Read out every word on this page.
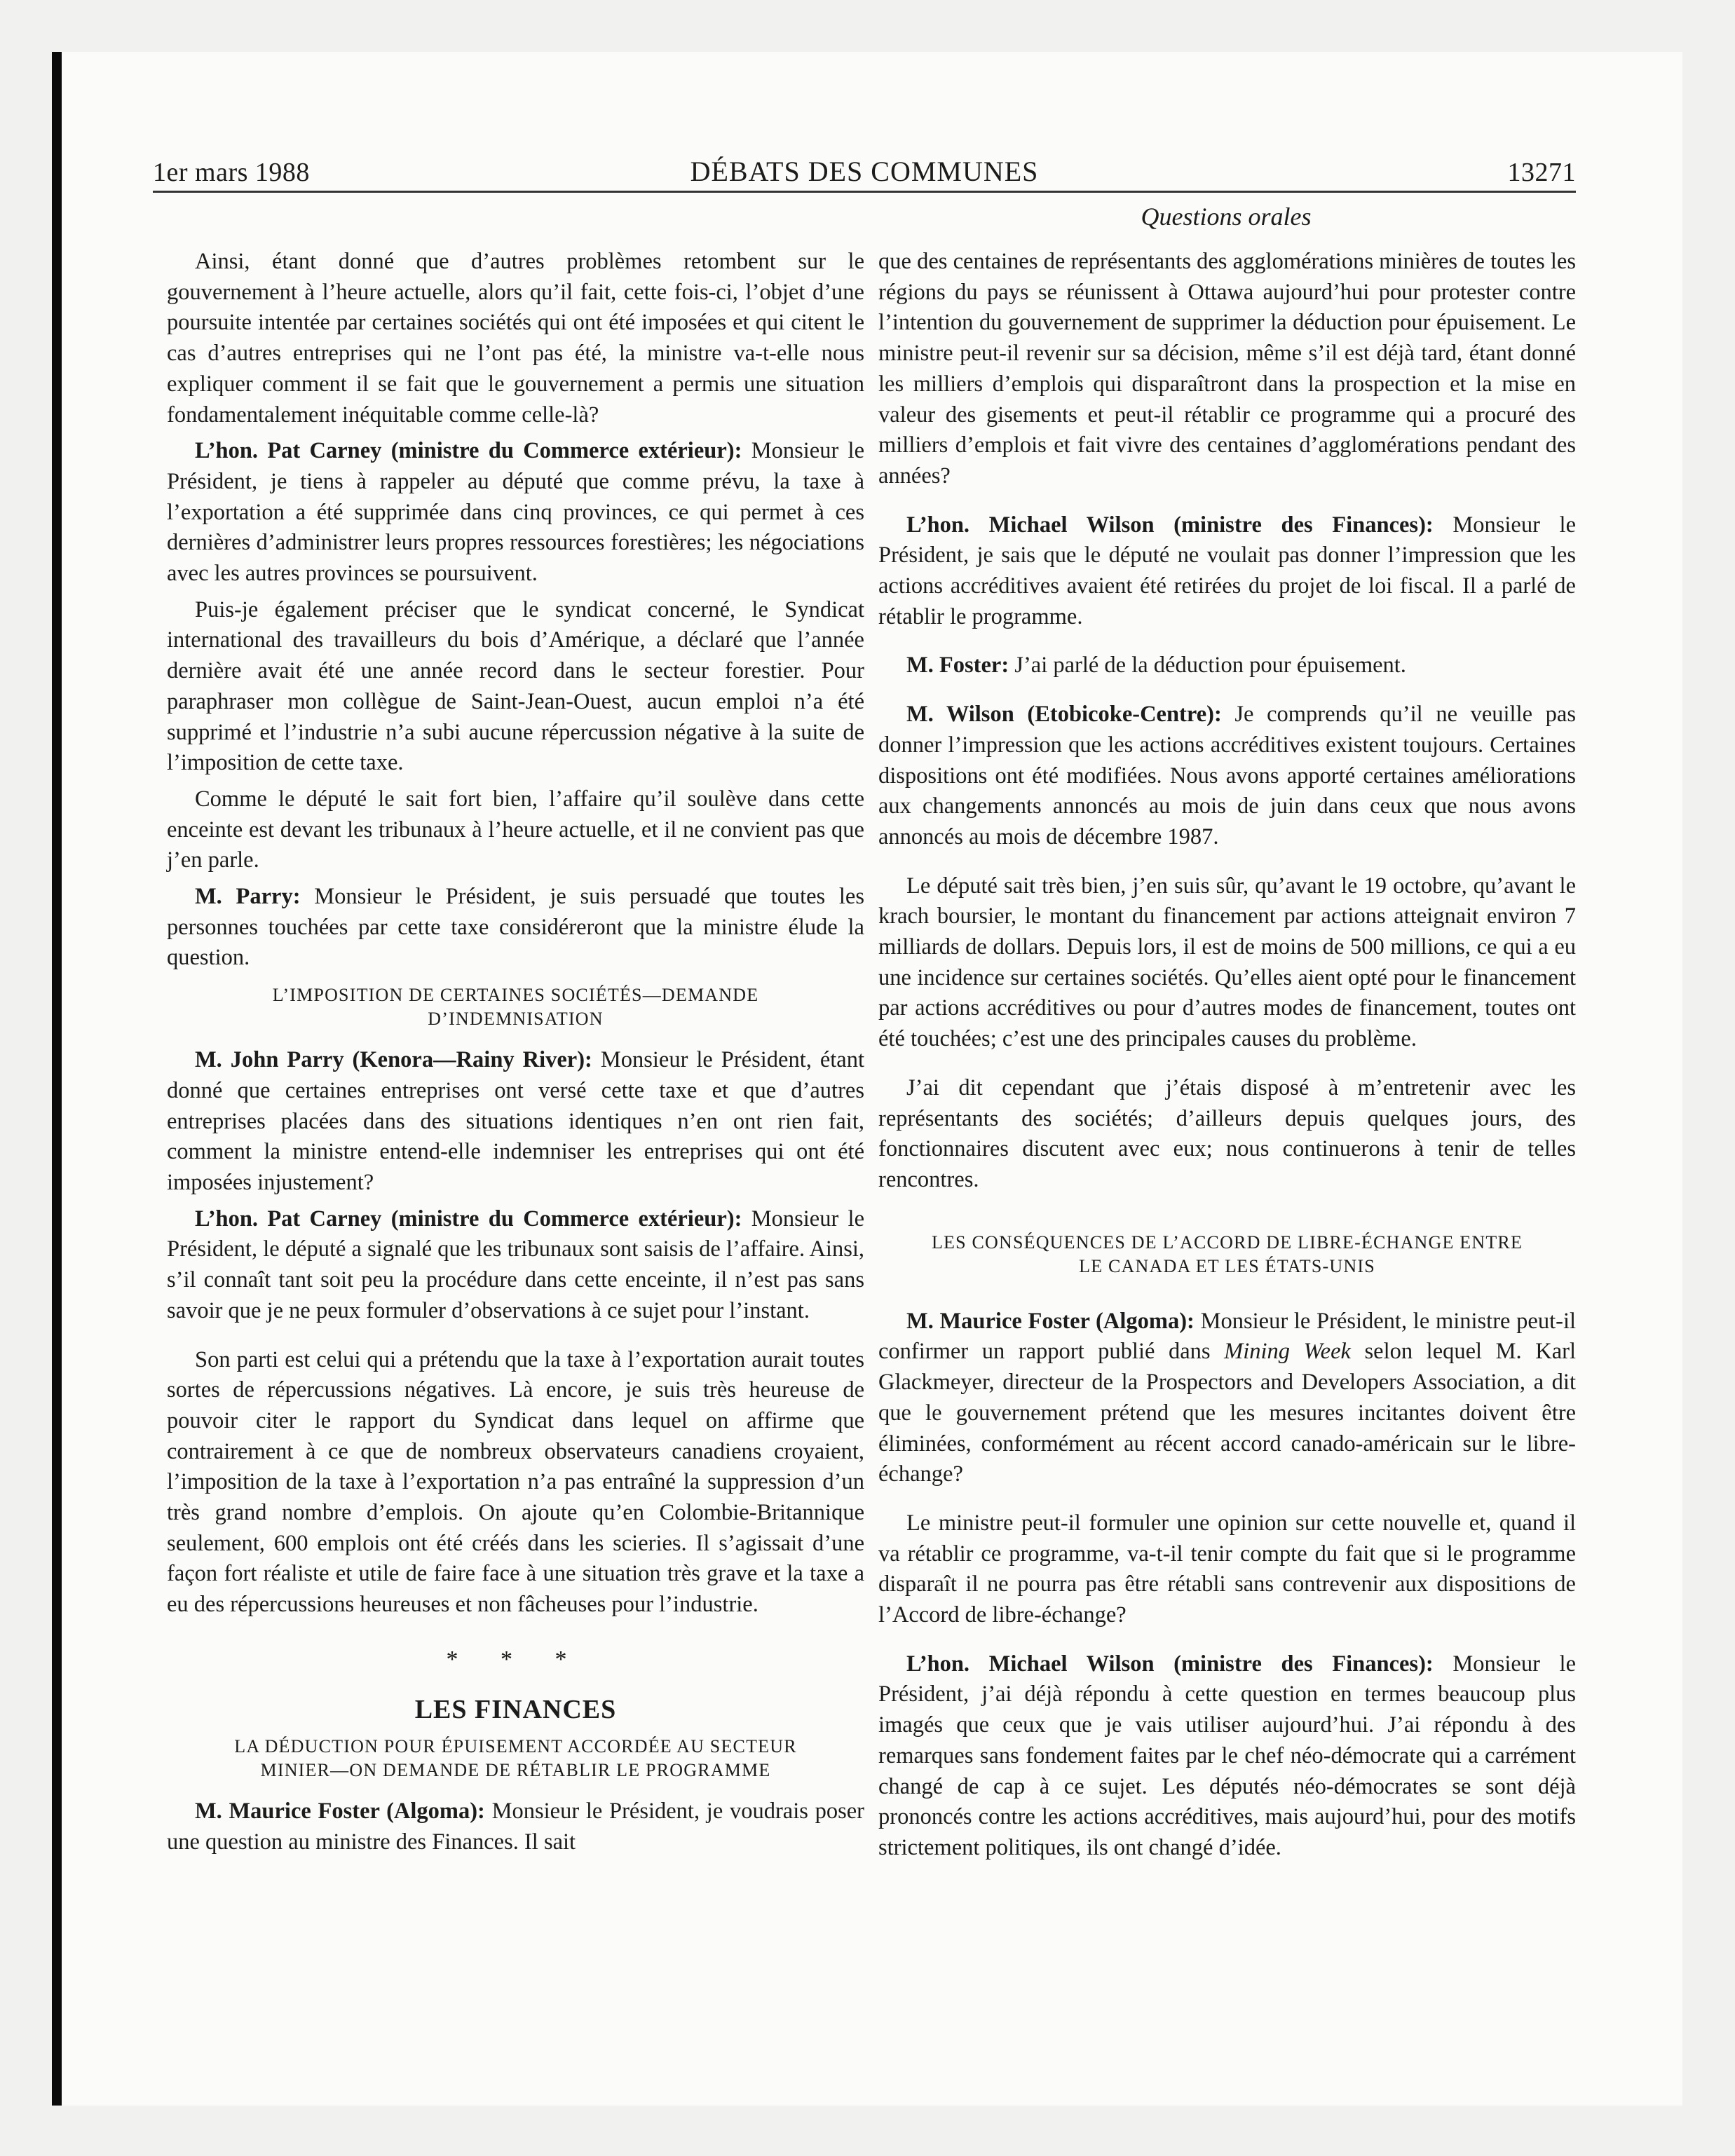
1er mars 1988	DÉBATS DES COMMUNES	13271
Questions orales

Ainsi, étant donné que d’autres problèmes retombent sur le gouvernement à l’heure actuelle, alors qu’il fait, cette fois-ci, l’objet d’une poursuite intentée par certaines sociétés qui ont été imposées et qui citent le cas d’autres entreprises qui ne l’ont pas été, la ministre va-t-elle nous expliquer comment il se fait que le gouvernement a permis une situation fondamentalement inéquitable comme celle-là?

L’hon. Pat Carney (ministre du Commerce extérieur): Monsieur le Président, je tiens à rappeler au député que comme prévu, la taxe à l’exportation a été supprimée dans cinq provinces, ce qui permet à ces dernières d’administrer leurs propres ressources forestières; les négociations avec les autres provinces se poursuivent.

Puis-je également préciser que le syndicat concerné, le Syndicat international des travailleurs du bois d’Amérique, a déclaré que l’année dernière avait été une année record dans le secteur forestier. Pour paraphraser mon collègue de Saint-Jean-Ouest, aucun emploi n’a été supprimé et l’industrie n’a subi aucune répercussion négative à la suite de l’imposition de cette taxe.

Comme le député le sait fort bien, l’affaire qu’il soulève dans cette enceinte est devant les tribunaux à l’heure actuelle, et il ne convient pas que j’en parle.

M. Parry: Monsieur le Président, je suis persuadé que toutes les personnes touchées par cette taxe considéreront que la ministre élude la question.

L’IMPOSITION DE CERTAINES SOCIÉTÉS—DEMANDE
D’INDEMNISATION

M. John Parry (Kenora—Rainy River): Monsieur le Président, étant donné que certaines entreprises ont versé cette taxe et que d’autres entreprises placées dans des situations identiques n’en ont rien fait, comment la ministre entend-elle indemniser les entreprises qui ont été imposées injustement?

L’hon. Pat Carney (ministre du Commerce extérieur): Monsieur le Président, le député a signalé que les tribunaux sont saisis de l’affaire. Ainsi, s’il connaît tant soit peu la procédure dans cette enceinte, il n’est pas sans savoir que je ne peux formuler d’observations à ce sujet pour l’instant.

Son parti est celui qui a prétendu que la taxe à l’exportation aurait toutes sortes de répercussions négatives. Là encore, je suis très heureuse de pouvoir citer le rapport du Syndicat dans lequel on affirme que contrairement à ce que de nombreux observateurs canadiens croyaient, l’imposition de la taxe à l’exportation n’a pas entraîné la suppression d’un très grand nombre d’emplois. On ajoute qu’en Colombie-Britannique seulement, 600 emplois ont été créés dans les scieries. Il s’agissait d’une façon fort réaliste et utile de faire face à une situation très grave et la taxe a eu des répercussions heureuses et non fâcheuses pour l’industrie.

* * *
LES FINANCES
LA DÉDUCTION POUR ÉPUISEMENT ACCORDÉE AU SECTEUR
MINIER—ON DEMANDE DE RÉTABLIR LE PROGRAMME

M. Maurice Foster (Algoma): Monsieur le Président, je voudrais poser une question au ministre des Finances. Il sait

que des centaines de représentants des agglomérations minières de toutes les régions du pays se réunissent à Ottawa aujourd’hui pour protester contre l’intention du gouvernement de supprimer la déduction pour épuisement. Le ministre peut-il revenir sur sa décision, même s’il est déjà tard, étant donné les milliers d’emplois qui disparaîtront dans la prospection et la mise en valeur des gisements et peut-il rétablir ce programme qui a procuré des milliers d’emplois et fait vivre des centaines d’agglomérations pendant des années?

L’hon. Michael Wilson (ministre des Finances): Monsieur le Président, je sais que le député ne voulait pas donner l’impression que les actions accréditives avaient été retirées du projet de loi fiscal. Il a parlé de rétablir le programme.

M. Foster: J’ai parlé de la déduction pour épuisement.

M. Wilson (Etobicoke-Centre): Je comprends qu’il ne veuille pas donner l’impression que les actions accréditives existent toujours. Certaines dispositions ont été modifiées. Nous avons apporté certaines améliorations aux changements annoncés au mois de juin dans ceux que nous avons annoncés au mois de décembre 1987.

Le député sait très bien, j’en suis sûr, qu’avant le 19 octobre, qu’avant le krach boursier, le montant du financement par actions atteignait environ 7 milliards de dollars. Depuis lors, il est de moins de 500 millions, ce qui a eu une incidence sur certaines sociétés. Qu’elles aient opté pour le financement par actions accréditives ou pour d’autres modes de financement, toutes ont été touchées; c’est une des principales causes du problème.

J’ai dit cependant que j’étais disposé à m’entretenir avec les représentants des sociétés; d’ailleurs depuis quelques jours, des fonctionnaires discutent avec eux; nous continuerons à tenir de telles rencontres.

LES CONSÉQUENCES DE L’ACCORD DE LIBRE-ÉCHANGE ENTRE
LE CANADA ET LES ÉTATS-UNIS

M. Maurice Foster (Algoma): Monsieur le Président, le ministre peut-il confirmer un rapport publié dans Mining Week selon lequel M. Karl Glackmeyer, directeur de la Prospectors and Developers Association, a dit que le gouvernement prétend que les mesures incitantes doivent être éliminées, conformément au récent accord canado-américain sur le libre-échange?

Le ministre peut-il formuler une opinion sur cette nouvelle et, quand il va rétablir ce programme, va-t-il tenir compte du fait que si le programme disparaît il ne pourra pas être rétabli sans contrevenir aux dispositions de l’Accord de libre-échange?

L’hon. Michael Wilson (ministre des Finances): Monsieur le Président, j’ai déjà répondu à cette question en termes beaucoup plus imagés que ceux que je vais utiliser aujourd’hui. J’ai répondu à des remarques sans fondement faites par le chef néo-démocrate qui a carrément changé de cap à ce sujet. Les députés néo-démocrates se sont déjà prononcés contre les actions accréditives, mais aujourd’hui, pour des motifs strictement politiques, ils ont changé d’idée.
